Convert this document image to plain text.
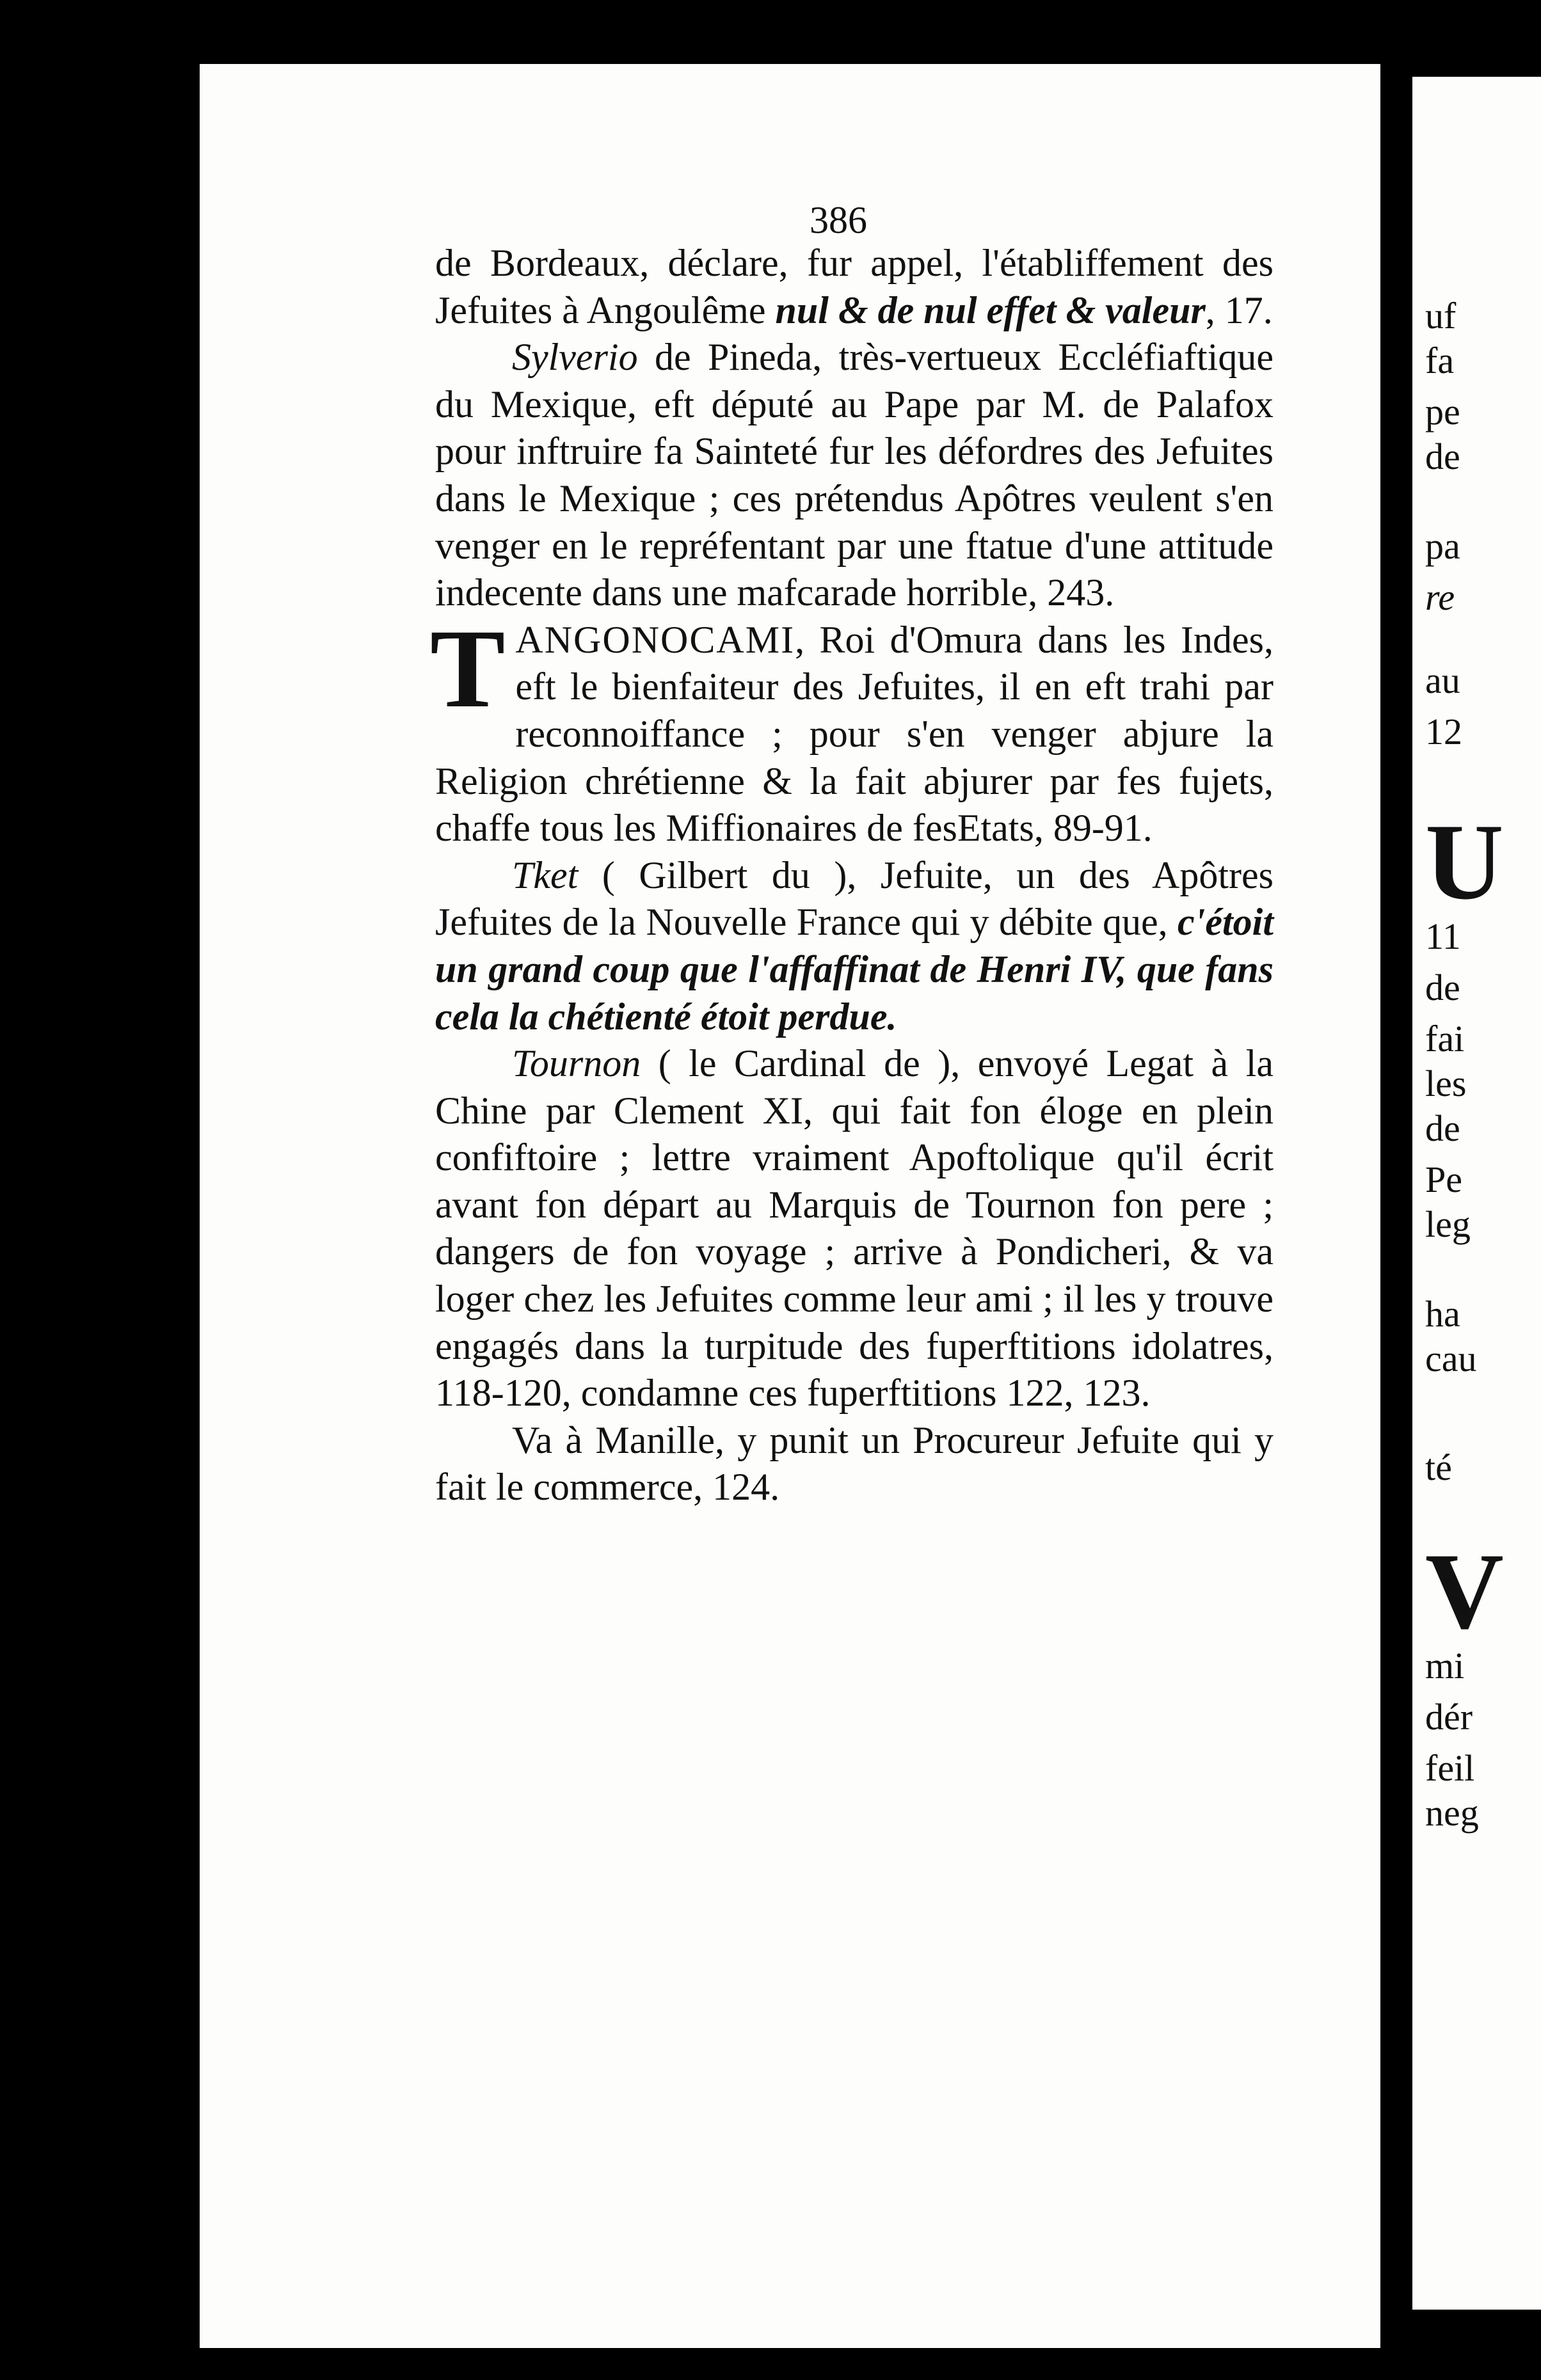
386

de Bordeaux, déclare, fur appel, l'établiffement des Jefuites à Angoulême nul & de nul effet & valeur, 17.

Sylverio de Pineda, très-vertueux Eccléfiaftique du Mexique, eft député au Pape par M. de Palafox pour inftruire fa Sainteté fur les défordres des Jefuites dans le Mexique ; ces prétendus Apôtres veulent s'en venger en le repréfentant par une ftatue d'une attitude indecente dans une mafcarade horrible, 243.

TANGONOCAMI, Roi d'Omura dans les Indes, eft le bienfaiteur des Jefuites, il en eft trahi par reconnoiffance ; pour s'en venger abjure la Religion chrétienne & la fait abjurer par fes fujets, chaffe tous les Miffionaires de fesEtats, 89-91.

Tket ( Gilbert du ), Jefuite, un des Apôtres Jefuites de la Nouvelle France qui y débite que, c'étoit un grand coup que l'affaffinat de Henri IV, que fans cela la chétienté étoit perdue.

Tournon ( le Cardinal de ), envoyé Legat à la Chine par Clement XI, qui fait fon éloge en plein confiftoire ; lettre vraiment Apoftolique qu'il écrit avant fon départ au Marquis de Tournon fon pere ; dangers de fon voyage ; arrive à Pondicheri, & va loger chez les Jefuites comme leur ami ; il les y trouve engagés dans la turpitude des fuperftitions idolatres, 118-120, condamne ces fuperftitions 122, 123.

Va à Manille, y punit un Procureur Jefuite qui y fait le commerce, 124.

uf
fa
pe
de
pa
re
au
12
U
11
de
fai
les
de
Pe
leg
ha
cau
té
V
mi
dér
feil
neg
